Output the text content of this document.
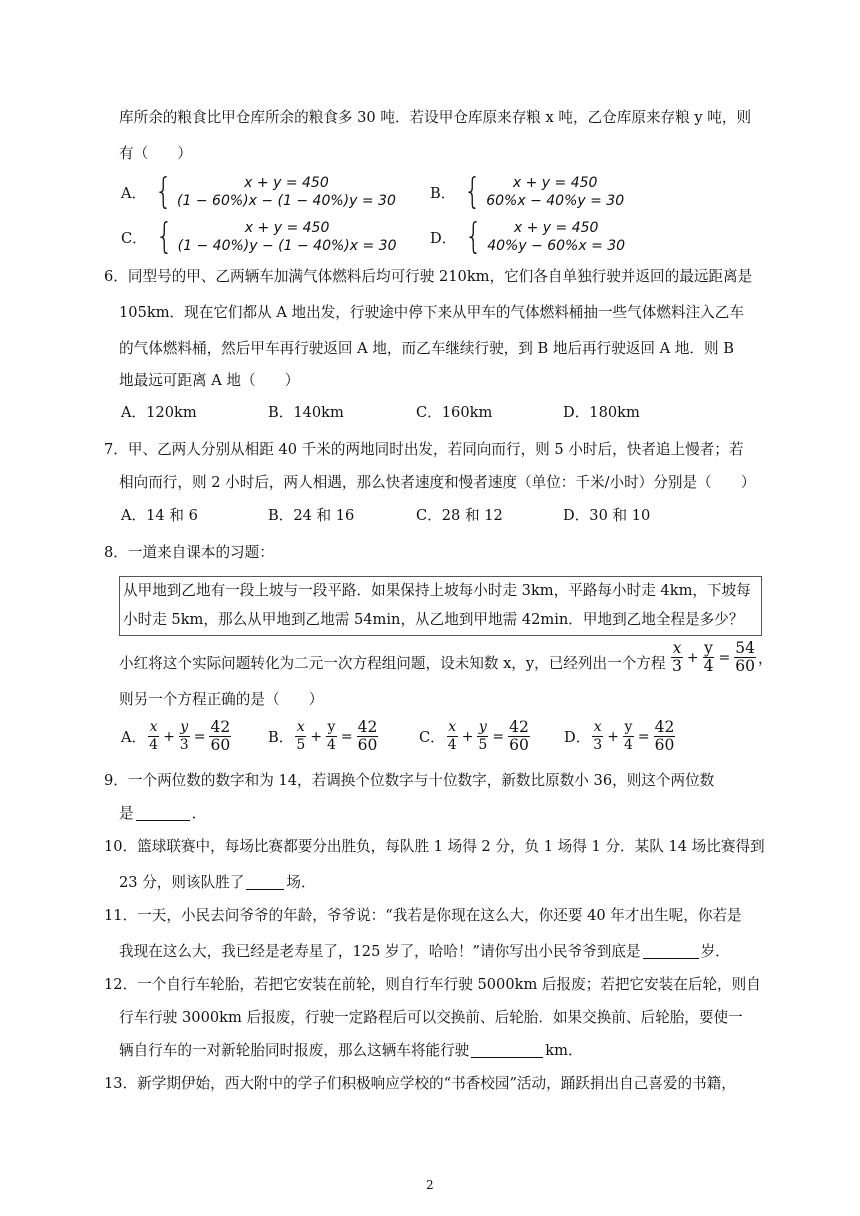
库所余的粮食比甲仓库所余的粮食多 30 吨．若设甲仓库原来存粮 x 吨，乙仓库原来存粮 y 吨，则
有（　　）
A． {	x + y = 450
(1 − 60%)x − (1 − 40%)y = 30 B． {	x + y = 450
60%x − 40%y = 30
C． {	x + y = 450
(1 − 40%)y − (1 − 40%)x = 30 D． {	x + y = 450
40%y − 60%x = 30
6．同型号的甲、乙两辆车加满气体燃料后均可行驶 210km，它们各自单独行驶并返回的最远距离是
105km．现在它们都从 A 地出发，行驶途中停下来从甲车的气体燃料桶抽一些气体燃料注入乙车
的气体燃料桶，然后甲车再行驶返回 A 地，而乙车继续行驶，到 B 地后再行驶返回 A 地．则 B
地最远可距离 A 地（　　）
A．120km	B．140km	C．160km	D．180km
7．甲、乙两人分别从相距 40 千米的两地同时出发，若同向而行，则 5 小时后，快者追上慢者；若
相向而行，则 2 小时后，两人相遇，那么快者速度和慢者速度（单位：千米/小时）分别是（　　）
A．14 和 6	B．24 和 16	C．28 和 12	D．30 和 10
8．一道来自课本的习题：
从甲地到乙地有一段上坡与一段平路．如果保持上坡每小时走 3km，平路每小时走 4km，下坡每
小时走 5km，那么从甲地到乙地需 54min，从乙地到甲地需 42min．甲地到乙地全程是多少？
小红将这个实际问题转化为二元一次方程组问题，设未知数 x，y，已经列出一个方程 $\frac{x}{3} + \frac{y}{4} = \frac{54}{60}$ ，
则另一个方程正确的是（　　）
A． $\frac{x}{4} + \frac{y}{3} = \frac{42}{60}$	B． $\frac{x}{5} + \frac{y}{4} = \frac{42}{60}$	C． $\frac{x}{4} + \frac{y}{5} = \frac{42}{60}$ D． $\frac{x}{3} + \frac{y}{4} = \frac{42}{60}$
9．一个两位数的数字和为 14，若调换个位数字与十位数字，新数比原数小 36，则这个两位数
是	．
10．篮球联赛中，每场比赛都要分出胜负，每队胜 1 场得 2 分，负 1 场得 1 分．某队 14 场比赛得到
23 分，则该队胜了	场．
11．一天，小民去问爷爷的年龄，爷爷说：“我若是你现在这么大，你还要 40 年才出生呢，你若是
我现在这么大，我已经是老寿星了，125 岁了，哈哈！”请你写出小民爷爷到底是	岁．
12．一个自行车轮胎，若把它安装在前轮，则自行车行驶 5000km 后报废；若把它安装在后轮，则自
行车行驶 3000km 后报废，行驶一定路程后可以交换前、后轮胎．如果交换前、后轮胎，要使一
辆自行车的一对新轮胎同时报废，那么这辆车将能行驶	km．
13．新学期伊始，西大附中的学子们积极响应学校的“书香校园”活动，踊跃捐出自己喜爱的书籍，
2
